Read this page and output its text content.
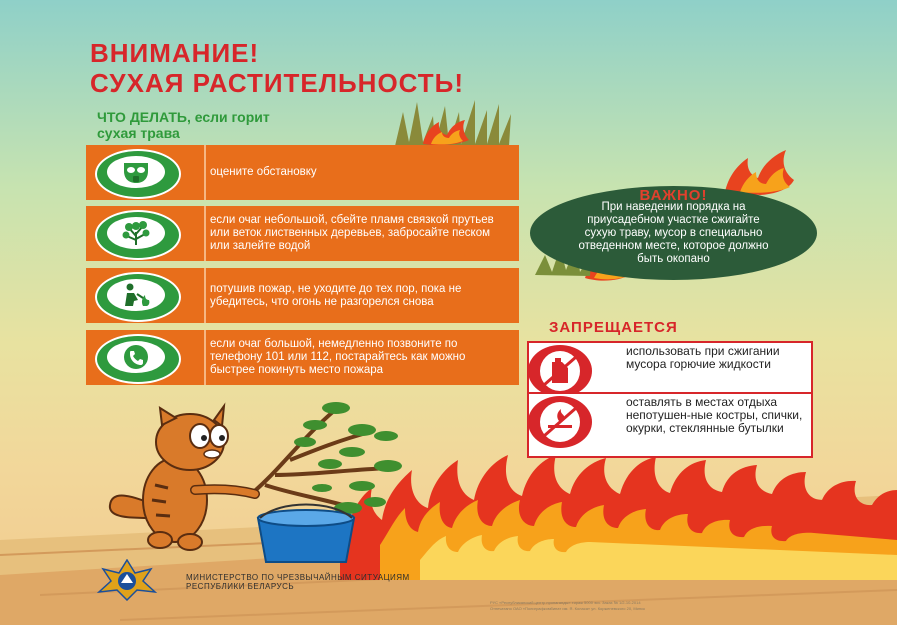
ВНИМАНИЕ!
СУХАЯ РАСТИТЕЛЬНОСТЬ!
ЧТО ДЕЛАТЬ, если горит
сухая трава
оцените обстановку
если очаг небольшой, сбейте пламя связкой прутьев или веток лиственных деревьев, забросайте песком или залейте водой
потушив пожар, не уходите до тех пор, пока не убедитесь, что огонь не разгорелся снова
если очаг большой, немедленно позвоните по телефону 101 или 112, постарайтесь как можно быстрее покинуть место пожара

ВАЖНО!

При наведении порядка на приусадебном участке сжигайте сухую траву, мусор в специально отведенном месте, которое должно быть окопано

ЗАПРЕЩАЕТСЯ

использовать при сжигании мусора горючие жидкости

оставлять в местах отдыха непотушен-ные костры, спички, окурки, стеклянные бутылки

МИНИСТЕРСТВО ПО ЧРЕЗВЫЧАЙНЫМ СИТУАЦИЯМ
РЕСПУБЛИКИ БЕЛАРУСЬ

РУС «Республиканский центр пропаганды» тираж 5000 экз. Заказ № 1/2-10-2014

Отпечатано ОАО «Полиграфкомбинат им. Я. Коласа» ул. Корженевского 20, Минск
